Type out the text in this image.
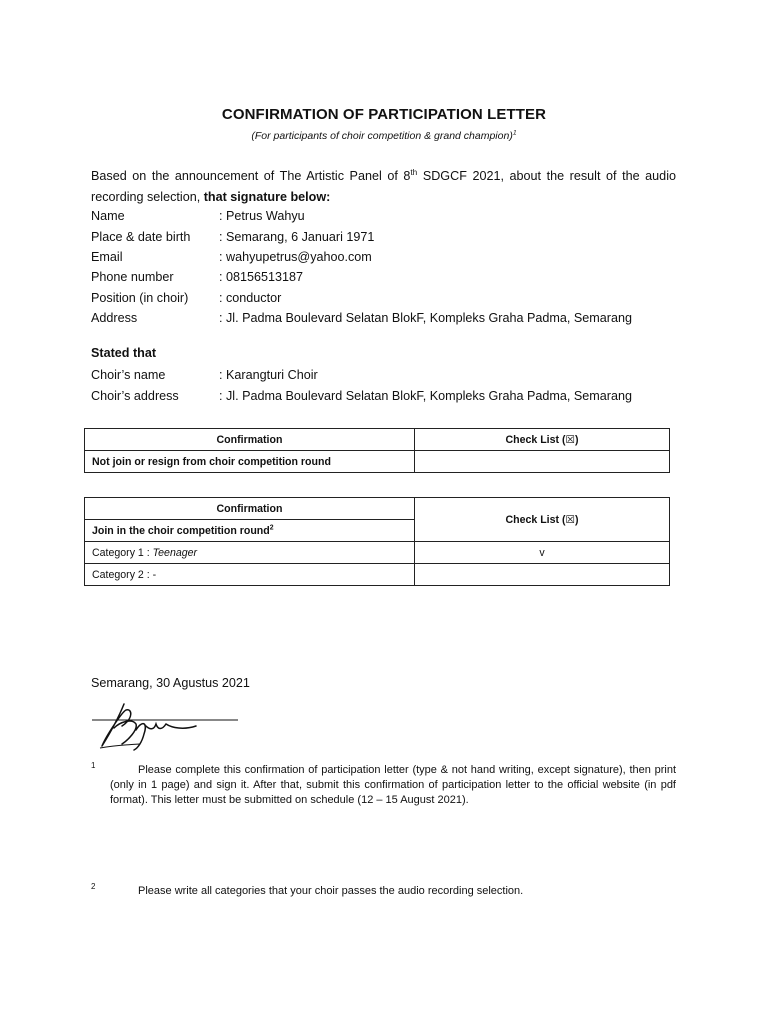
CONFIRMATION OF PARTICIPATION LETTER
(For participants of choir competition & grand champion)$^1$
Based on the announcement of The Artistic Panel of 8th SDGCF 2021, about the result of the audio recording selection, that signature below:
Name	: Petrus Wahyu
Place & date birth : Semarang, 6 Januari 1971
Email	: wahyupetrus@yahoo.com
Phone number	: 08156513187
Position (in choir) : conductor
Address	: Jl. Padma Boulevard Selatan BlokF, Kompleks Graha Padma, Semarang
Stated that
Choir’s name	: Karangturi Choir
Choir’s address	: Jl. Padma Boulevard Selatan BlokF, Kompleks Graha Padma, Semarang
Confirmation	Check List (☒)
Not join or resign from choir competition round	
Confirmation	Check List (☒)
Join in the choir competition round$^2$
Category 1 : Teenager	v
Category 2 : -	
Semarang, 30 Agustus 2021
1	Please complete this confirmation of participation letter (type & not hand writing, except signature), then print (only in 1 page) and sign it. After that, submit this confirmation of participation letter to the official website (in pdf format). This letter must be submitted on schedule (12 – 15 August 2021).
2	Please write all categories that your choir passes the audio recording selection.
